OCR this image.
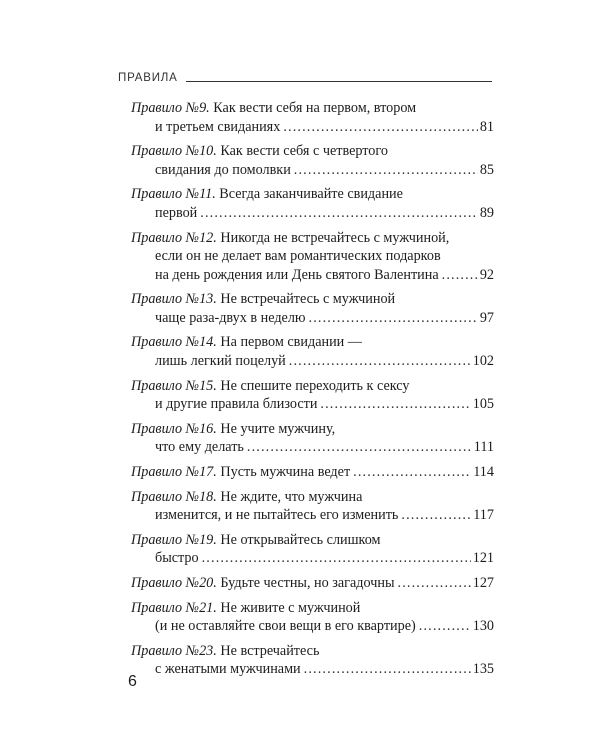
ПРАВИЛА
Правило №9.
Как вести себя на первом, втором
и третьем свиданиях . . .	81
Правило №10.
Как вести себя с четвертого
свидания до помолвки . . .	85
Правило №11.
Всегда заканчивайте свидание
первой . . .	89
Правило №12.
Никогда не встречайтесь с мужчиной,
если он не делает вам романтических подарков
на день рождения или День святого Валентина . . .	92
Правило №13.
Не встречайтесь с мужчиной
чаще раза-двух в неделю . . .	97
Правило №14.
На первом свидании —
лишь легкий поцелуй . . .	102
Правило №15.
Не спешите переходить к сексу
и другие правила близости . . .	105
Правило №16.
Не учите мужчину,
что ему делать . . .	111
Правило №17.
Пусть мужчина ведет . . .	114
Правило №18.
Не ждите, что мужчина
изменится, и не пытайтесь его изменить . . .	117
Правило №19.
Не открывайтесь слишком
быстро . . .	121
Правило №20.
Будьте честны, но загадочны . . .	127
Правило №21.
Не живите с мужчиной
(и не оставляйте свои вещи в его квартире) . . .	130
Правило №23.
Не встречайтесь
с женатыми мужчинами . . .	135
6
